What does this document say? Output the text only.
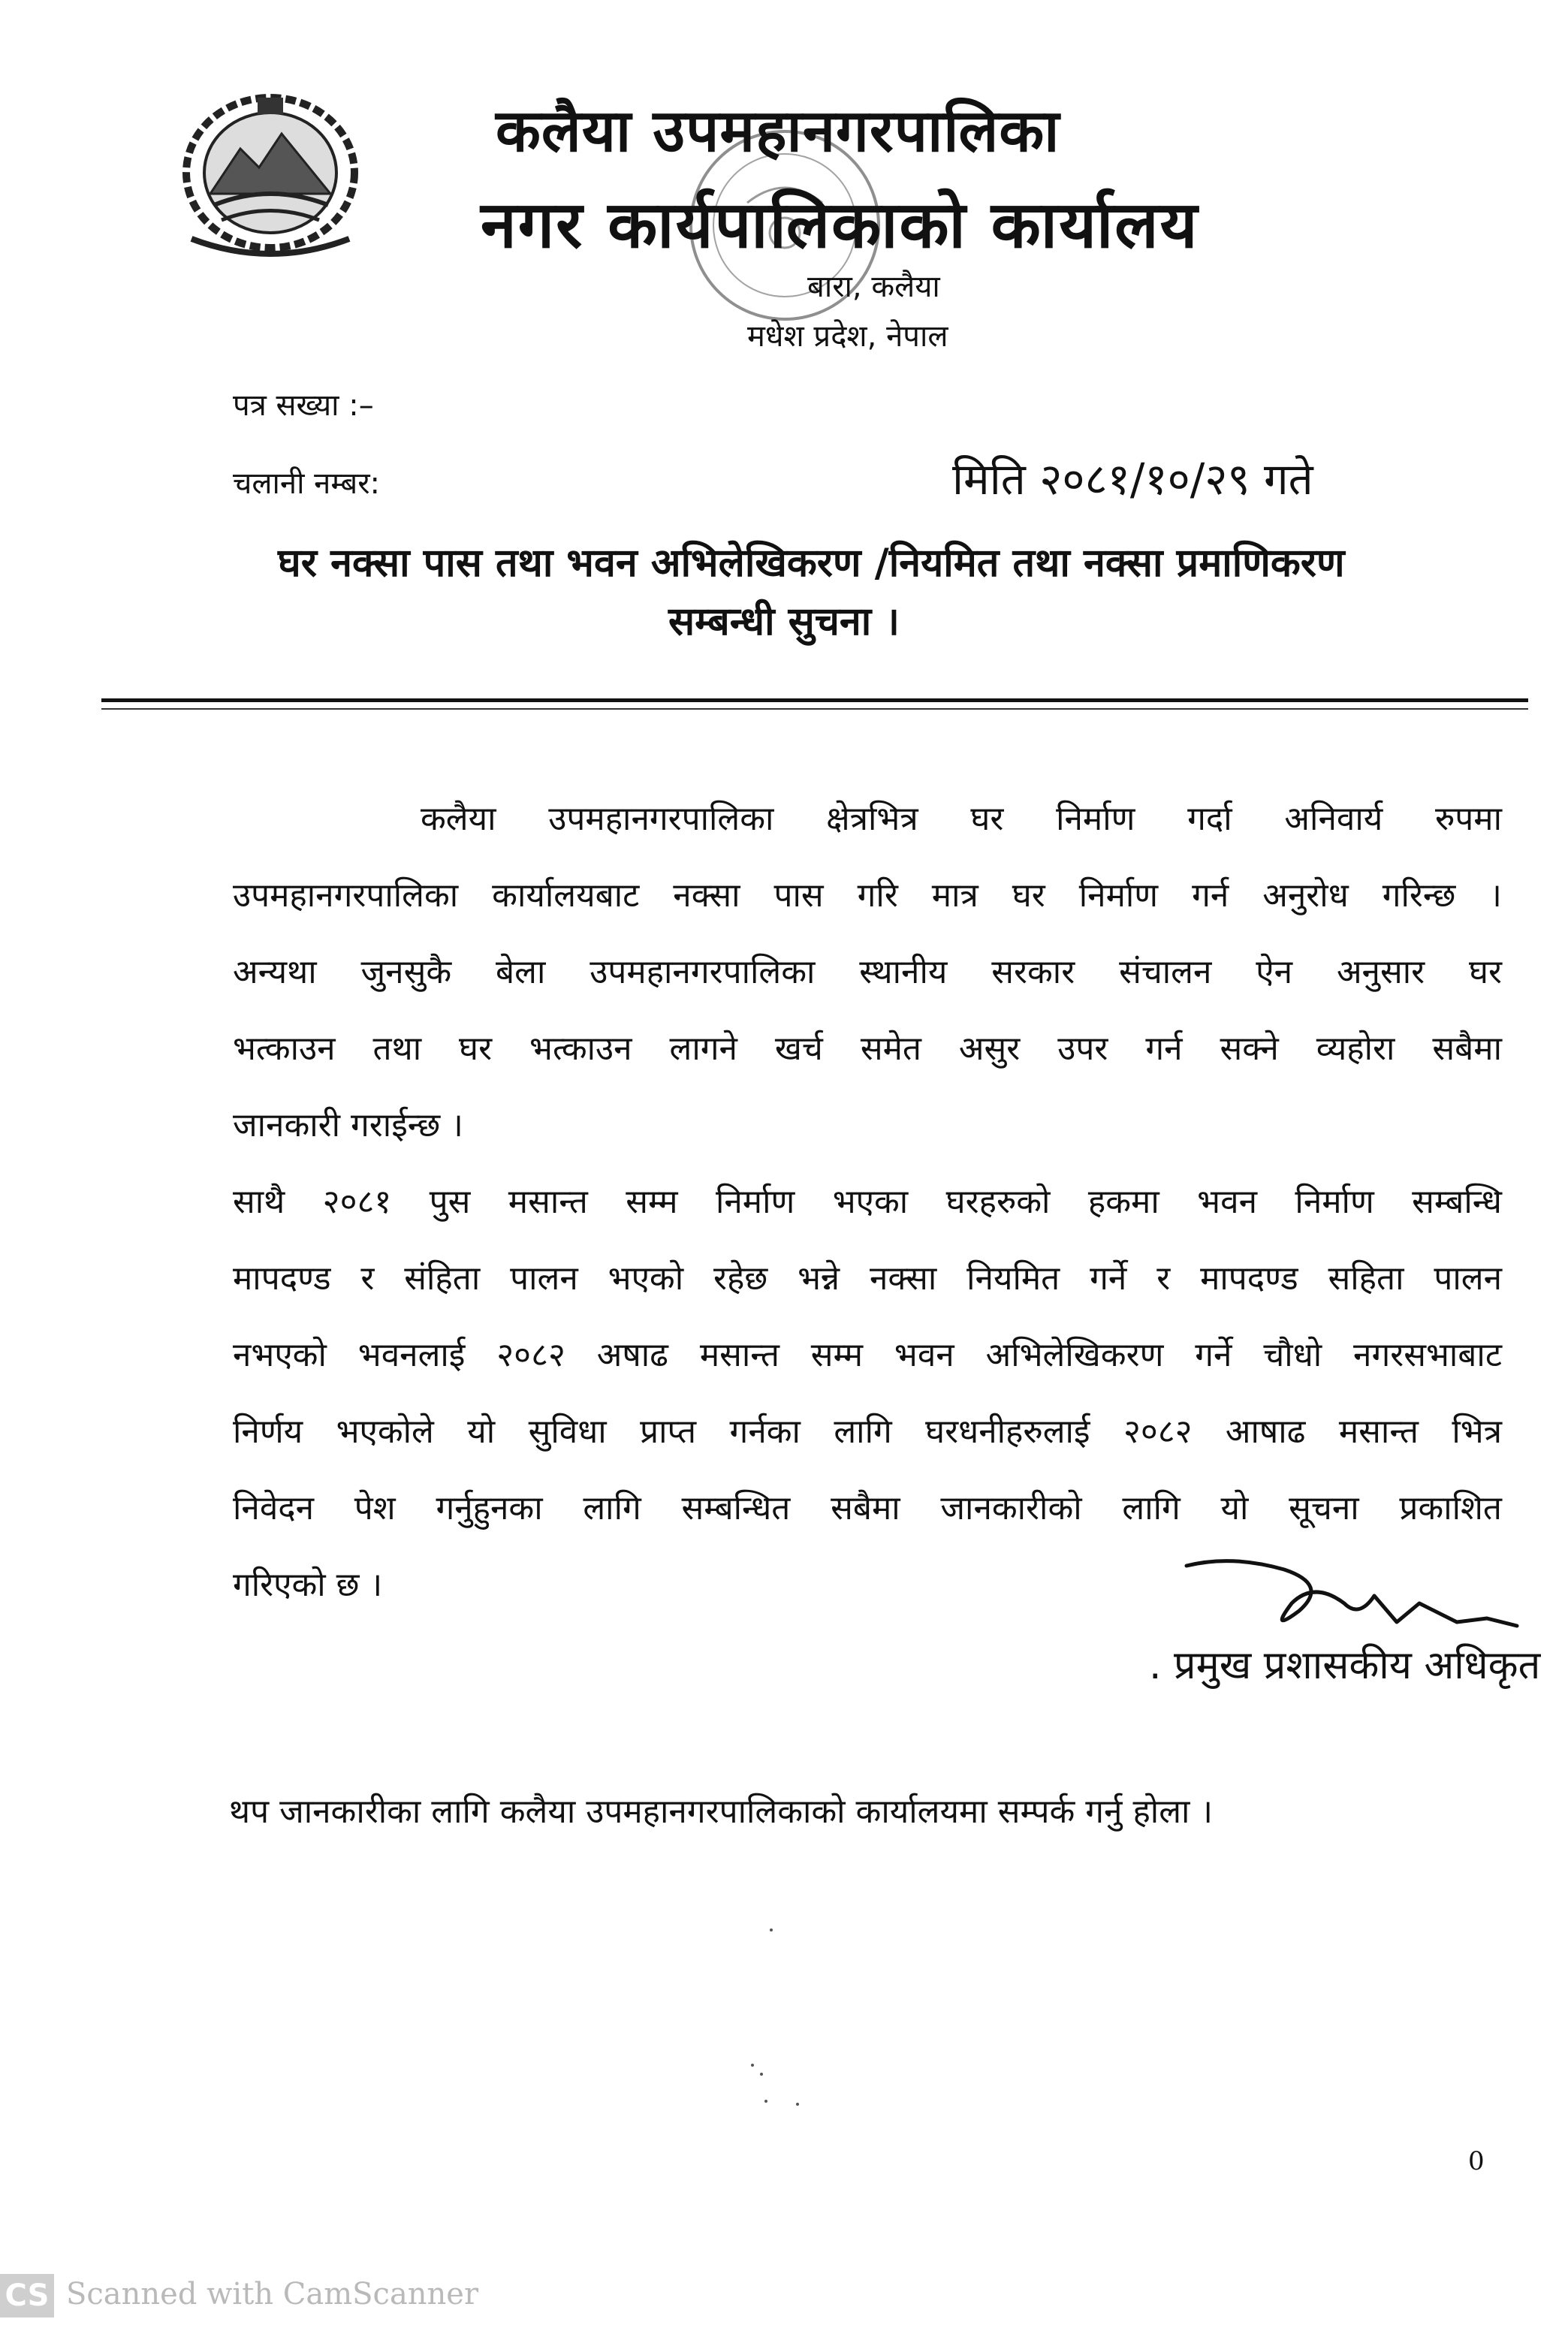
कलैया उपमहानगरपालिका
नगर कार्यपालिकाको कार्यालय
बारा, कलैया
मधेश प्रदेश, नेपाल
पत्र सख्या :–
चलानी नम्बर:	मिति २०८१/१०/२९ गते
घर नक्सा पास तथा भवन अभिलेखिकरण /नियमित तथा नक्सा प्रमाणिकरण
सम्बन्धी सुचना ।
कलैया उपमहानगरपालिका क्षेत्रभित्र घर निर्माण गर्दा अनिवार्य रुपमा
उपमहानगरपालिका कार्यालयबाट नक्सा पास गरि मात्र घर निर्माण गर्न अनुरोध गरिन्छ ।
अन्यथा जुनसुकै बेला उपमहानगरपालिका स्थानीय सरकार संचालन ऐन अनुसार घर
भत्काउन तथा घर भत्काउन लागने खर्च समेत असुर उपर गर्न सक्ने व्यहोरा सबैमा
जानकारी गराईन्छ ।
साथै २०८१ पुस मसान्त सम्म निर्माण भएका घरहरुको हकमा भवन निर्माण सम्बन्धि
मापदण्ड र संहिता पालन भएको रहेछ भन्ने नक्सा नियमित गर्ने र मापदण्ड सहिता पालन
नभएको भवनलाई २०८२ अषाढ मसान्त सम्म भवन अभिलेखिकरण गर्ने चौधो नगरसभाबाट
निर्णय भएकोले यो सुविधा प्राप्त गर्नका लागि घरधनीहरुलाई २०८२ आषाढ मसान्त भित्र
निवेदन पेश गर्नुहुनका लागि सम्बन्धित सबैमा जानकारीको लागि यो सूचना प्रकाशित
गरिएको छ ।
. प्रमुख प्रशासकीय अधिकृत
थप जानकारीका लागि कलैया उपमहानगरपालिकाको कार्यालयमा सम्पर्क गर्नु होला ।
0
CS Scanned with CamScanner
